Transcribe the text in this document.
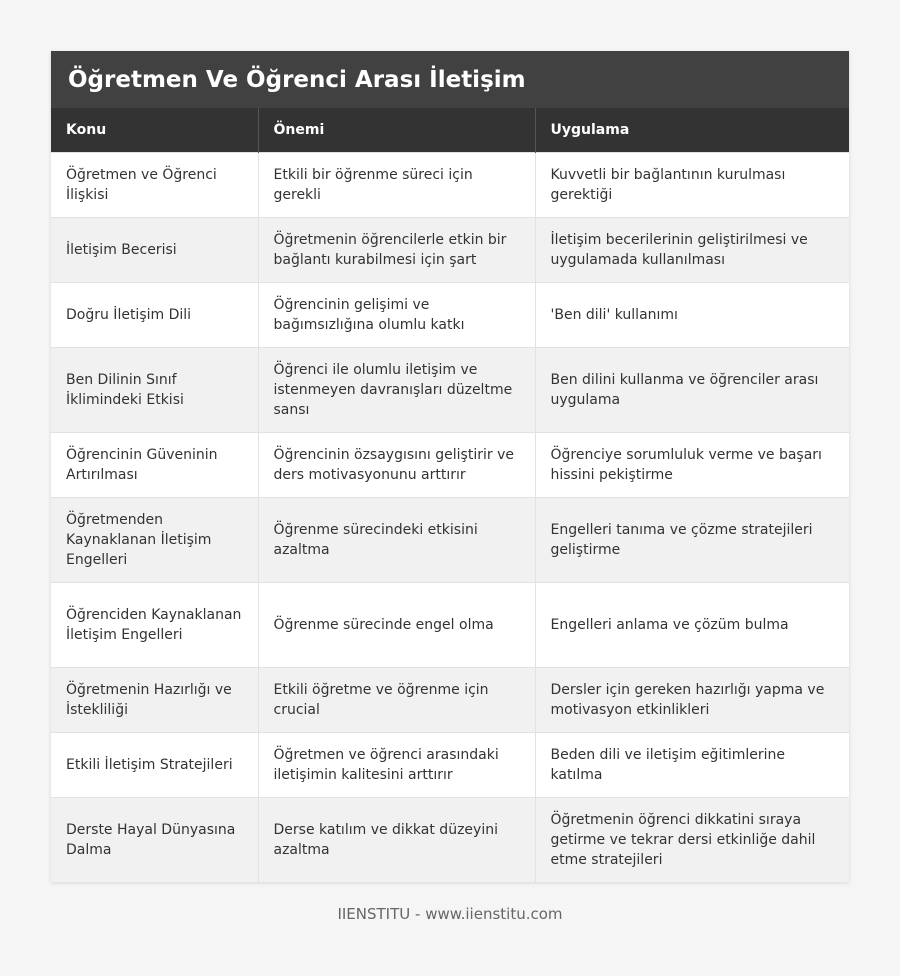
Öğretmen Ve Öğrenci Arası İletişim
Konu	Önemi	Uygulama
Öğretmen ve Öğrenci İlişkisi	Etkili bir öğrenme süreci için gerekli	Kuvvetli bir bağlantının kurulması gerektiği
İletişim Becerisi	Öğretmenin öğrencilerle etkin bir bağlantı kurabilmesi için şart	İletişim becerilerinin geliştirilmesi ve uygulamada kullanılması
Doğru İletişim Dili	Öğrencinin gelişimi ve bağımsızlığına olumlu katkı	'Ben dili' kullanımı
Ben Dilinin Sınıf İklimindeki Etkisi	Öğrenci ile olumlu iletişim ve istenmeyen davranışları düzeltme sansı	Ben dilini kullanma ve öğrenciler arası uygulama
Öğrencinin Güveninin Artırılması	Öğrencinin özsaygısını geliştirir ve ders motivasyonunu arttırır	Öğrenciye sorumluluk verme ve başarı hissini pekiştirme
Öğretmenden Kaynaklanan İletişim Engelleri	Öğrenme sürecindeki etkisini azaltma	Engelleri tanıma ve çözme stratejileri geliştirme
Öğrenciden Kaynaklanan İletişim Engelleri	Öğrenme sürecinde engel olma	Engelleri anlama ve çözüm bulma
Öğretmenin Hazırlığı ve İstekliliği	Etkili öğretme ve öğrenme için crucial	Dersler için gereken hazırlığı yapma ve motivasyon etkinlikleri
Etkili İletişim Stratejileri	Öğretmen ve öğrenci arasındaki iletişimin kalitesini arttırır	Beden dili ve iletişim eğitimlerine katılma
Derste Hayal Dünyasına Dalma	Derse katılım ve dikkat düzeyini azaltma	Öğretmenin öğrenci dikkatini sıraya getirme ve tekrar dersi etkinliğe dahil etme stratejileri
IIENSTITU - www.iienstitu.com
